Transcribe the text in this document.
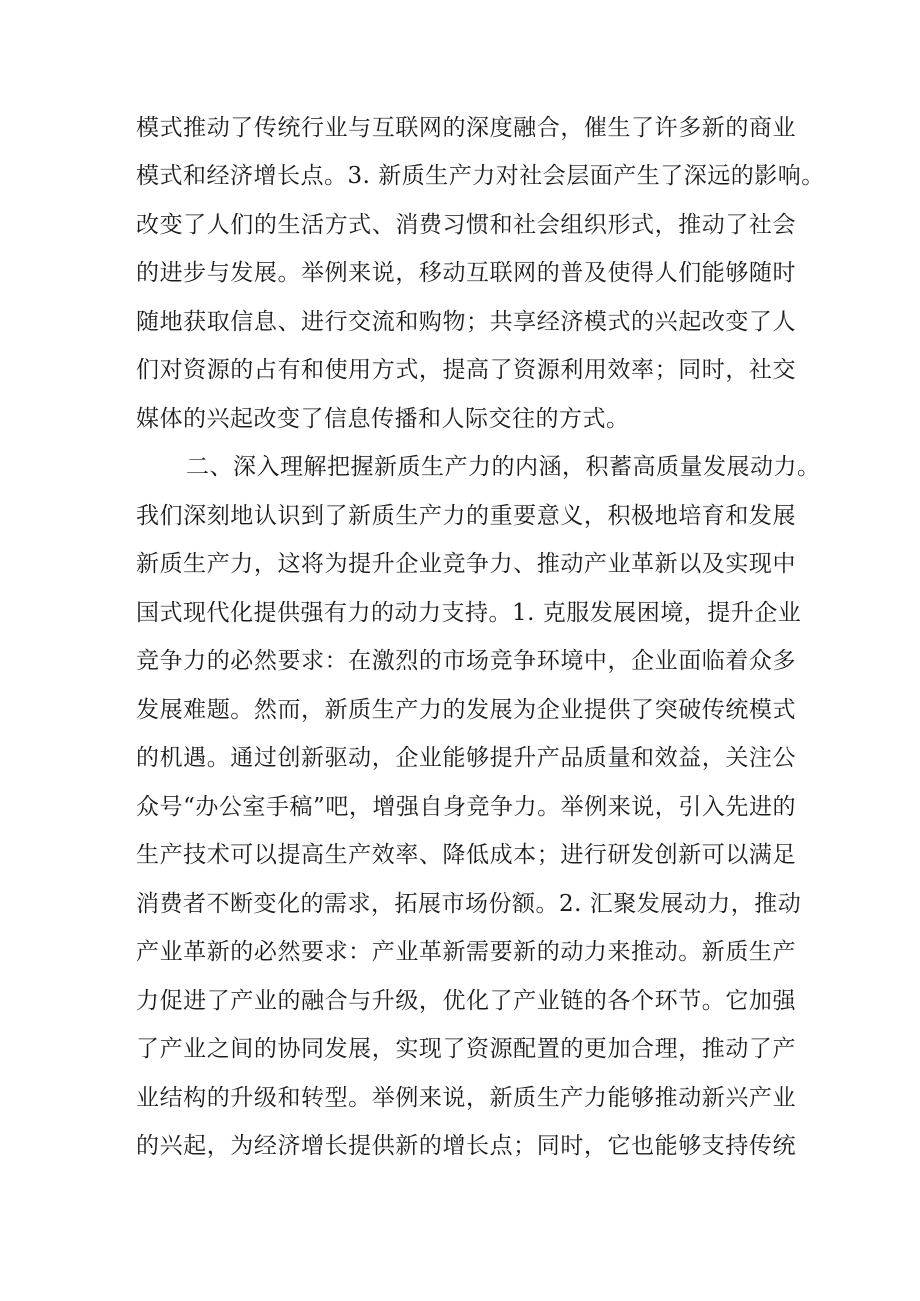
模式推动了传统行业与互联网的深度融合，催生了许多新的商业
模式和经济增长点。3. 新质生产力对社会层面产生了深远的影响。
改变了人们的生活方式、消费习惯和社会组织形式，推动了社会
的进步与发展。举例来说，移动互联网的普及使得人们能够随时
随地获取信息、进行交流和购物；共享经济模式的兴起改变了人
们对资源的占有和使用方式，提高了资源利用效率；同时，社交
媒体的兴起改变了信息传播和人际交往的方式。
二、深入理解把握新质生产力的内涵，积蓄高质量发展动力。
我们深刻地认识到了新质生产力的重要意义，积极地培育和发展
新质生产力，这将为提升企业竞争力、推动产业革新以及实现中
国式现代化提供强有力的动力支持。1. 克服发展困境，提升企业
竞争力的必然要求：在激烈的市场竞争环境中，企业面临着众多
发展难题。然而，新质生产力的发展为企业提供了突破传统模式
的机遇。通过创新驱动，企业能够提升产品质量和效益，关注公
众号“办公室手稿”吧，增强自身竞争力。举例来说，引入先进的
生产技术可以提高生产效率、降低成本；进行研发创新可以满足
消费者不断变化的需求，拓展市场份额。2. 汇聚发展动力，推动
产业革新的必然要求：产业革新需要新的动力来推动。新质生产
力促进了产业的融合与升级，优化了产业链的各个环节。它加强
了产业之间的协同发展，实现了资源配置的更加合理，推动了产
业结构的升级和转型。举例来说，新质生产力能够推动新兴产业
的兴起，为经济增长提供新的增长点；同时，它也能够支持传统
